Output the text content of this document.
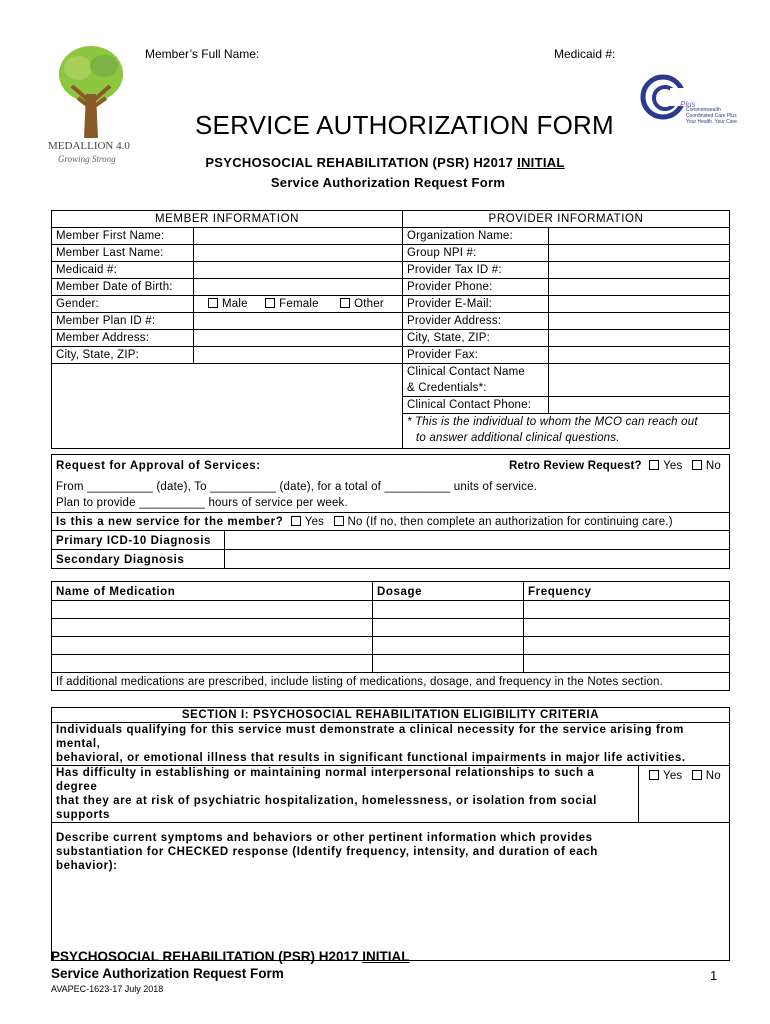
Member’s Full Name:	Medicaid #:
MEDALLION 4.0
Growing Strong
Plus
Commonwealth
Coordinated Care Plus
Your Health. Your Care.
SERVICE AUTHORIZATION FORM
PSYCHOSOCIAL REHABILITATION (PSR) H2017 INITIAL
Service Authorization Request Form
MEMBER INFORMATION		PROVIDER INFORMATION	
Member First Name:		Organization Name:	
Member Last Name:		Group NPI #:	
Medicaid #:		Provider Tax ID #:	
Member Date of Birth:		Provider Phone:	
Gender:	Male Female Other	Provider E-Mail:	
Member Plan ID #:		Provider Address:	
Member Address:		City, State, ZIP:	
City, State, ZIP:		Provider Fax:	
		Clinical Contact Name
& Credentials*:	
		Clinical Contact Phone:	
		* This is the individual to whom the MCO can reach out
to answer additional clinical questions.	
Request for Approval of Services: Retro Review Request? Yes No	

From __________ (date), To __________ (date), for a total of __________ units of service.
Plan to provide __________ hours of service per week.	

Is this a new service for the member? Yes No (If no, then complete an authorization for continuing care.)	
Primary ICD-10 Diagnosis	
Secondary Diagnosis	
Name of Medication	Dosage	Frequency

If additional medications are prescribed, include listing of medications, dosage, and frequency in the Notes section.		
SECTION I: PSYCHOSOCIAL REHABILITATION ELIGIBILITY CRITERIA

Individuals qualifying for this service must demonstrate a clinical necessity for the service arising from mental,
behavioral, or emotional illness that results in significant functional impairments in major life activities.

Has difficulty in establishing or maintaining normal interpersonal relationships to such a degree
that they are at risk of psychiatric hospitalization, homelessness, or isolation from social
supports
	Yes No

Describe current symptoms and behaviors or other pertinent information which provides
substantiation for CHECKED response (Identify frequency, intensity, and duration of each
behavior):
PSYCHOSOCIAL REHABILITATION (PSR) H2017 INITIAL
Service Authorization Request Form
AVAPEC-1623-17 July 2018
1
